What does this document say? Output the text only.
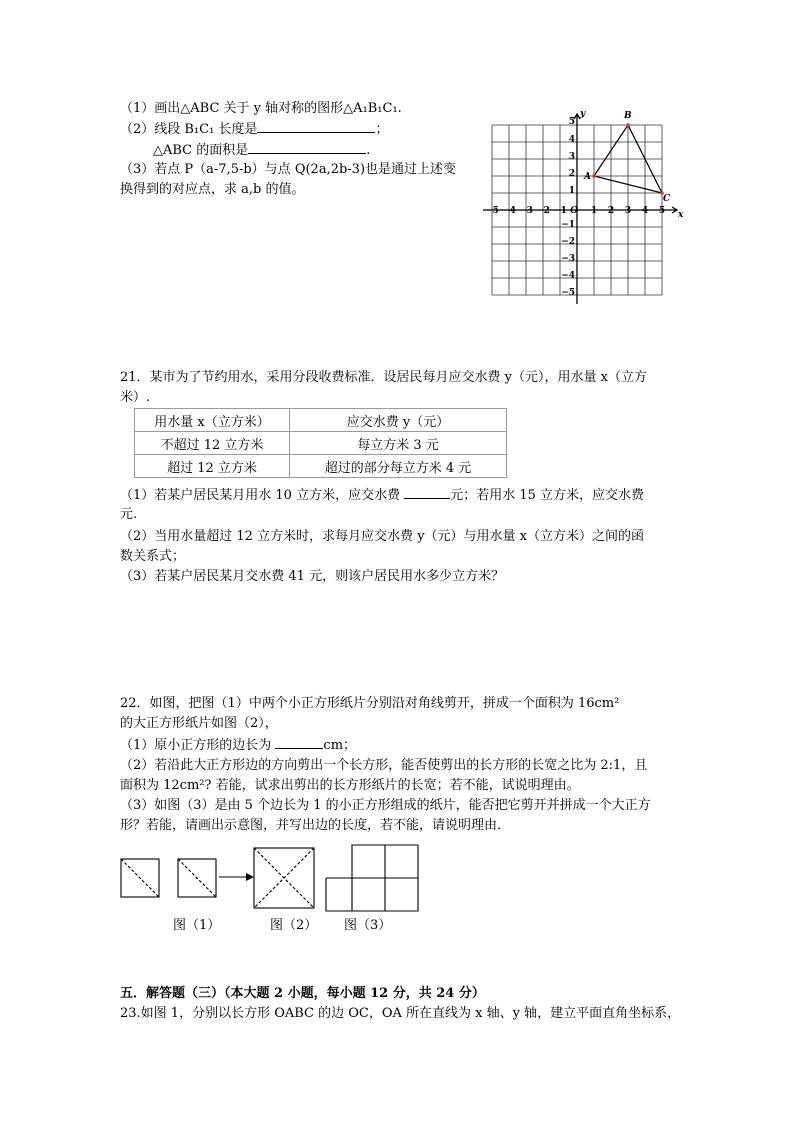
（1）画出△ABC 关于 y 轴对称的图形△A₁B₁C₁.
（2）线段 B₁C₁ 长度是	；
△ABC 的面积是	.
（3）若点 P（a-7,5-b）与点 Q(2a,2b-3)也是通过上述变
换得到的对应点，求 a,b 的值。
y
x
O
−5 −4 −3 −2 −1	1 2 3 4 5
5
4
3
2
1
−1
−2
−3
−4
−5
A
B
C
21．某市为了节约用水，采用分段收费标准．设居民每月应交水费 y（元），用水量 x（立方
米）.
用水量 x（立方米）	应交水费 y（元）
不超过 12 立方米	每立方米 3 元
超过 12 立方米	超过的部分每立方米 4 元
（1）若某户居民某月用水 10 立方米，应交水费	元；若用水 15 立方米，应交水费
元.
（2）当用水量超过 12 立方米时，求每月应交水费 y（元）与用水量 x（立方米）之间的函
数关系式；
（3）若某户居民某月交水费 41 元，则该户居民用水多少立方米？
22．如图，把图（1）中两个小正方形纸片分别沿对角线剪开，拼成一个面积为 16cm²
的大正方形纸片如图（2），
（1）原小正方形的边长为	cm；
（2）若沿此大正方形边的方向剪出一个长方形，能否使剪出的长方形的长宽之比为 2:1，且
面积为 12cm²? 若能，试求出剪出的长方形纸片的长宽；若不能，试说明理由。
（3）如图（3）是由 5 个边长为 1 的小正方形组成的纸片，能否把它剪开并拼成一个大正方
形？若能，请画出示意图，并写出边的长度，若不能，请说明理由．
图（1）	图（2） 图（3）
五．解答题（三）（本大题 2 小题，每小题 12 分，共 24 分）
23.如图 1，分别以长方形 OABC 的边 OC，OA 所在直线为 x 轴、y 轴，建立平面直角坐标系，
